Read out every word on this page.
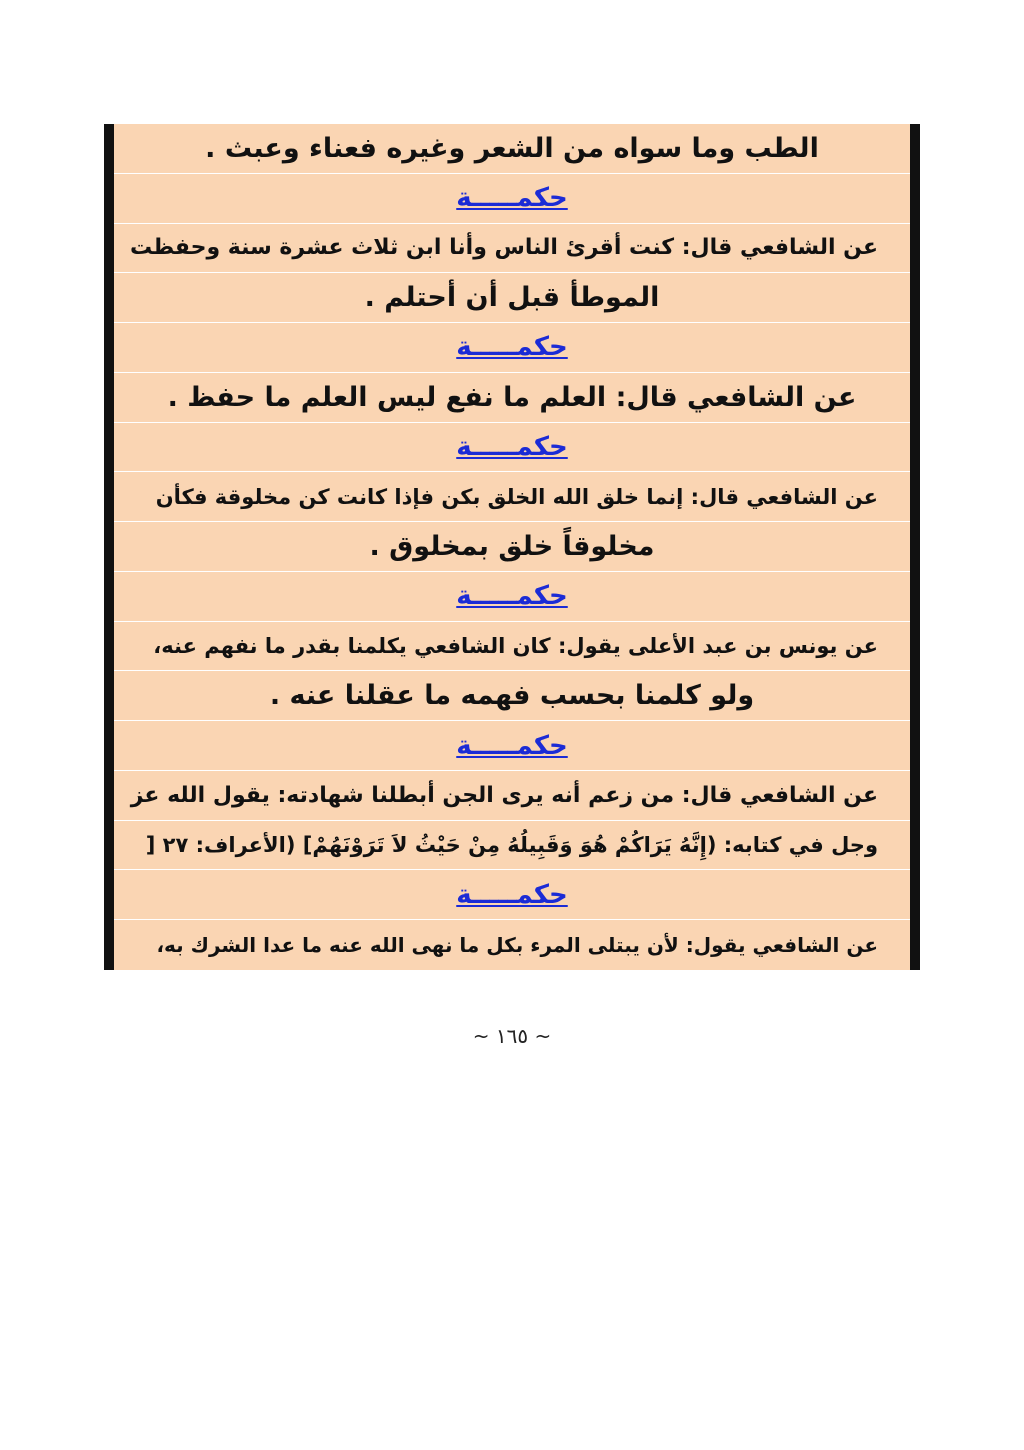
الطب وما سواه من الشعر وغيره فعناء وعبث .
حكمـــــة
عن الشافعي قال: كنت أقرئ الناس وأنا ابن ثلاث عشرة سنة وحفظت
الموطأ قبل أن أحتلم .
حكمـــــة
عن الشافعي قال: العلم ما نفع ليس العلم ما حفظ .
حكمـــــة
عن الشافعي قال: إنما خلق الله الخلق بكن فإذا كانت كن مخلوقة فكأن
مخلوقاً خلق بمخلوق .
حكمـــــة
عن يونس بن عبد الأعلى يقول: كان الشافعي يكلمنا بقدر ما نفهم عنه،
ولو كلمنا بحسب فهمه ما عقلنا عنه .
حكمـــــة
عن الشافعي قال: من زعم أنه يرى الجن أبطلنا شهادته: يقول الله عز
وجل في كتابه: (إِنَّهُ يَرَاكُمْ هُوَ وَقَبِيلُهُ مِنْ حَيْثُ لاَ تَرَوْنَهُمْ] (الأعراف: ٢٧ [
حكمـــــة
عن الشافعي يقول: لأن يبتلى المرء بكل ما نهى الله عنه ما عدا الشرك به،
~ ١٦٥ ~
